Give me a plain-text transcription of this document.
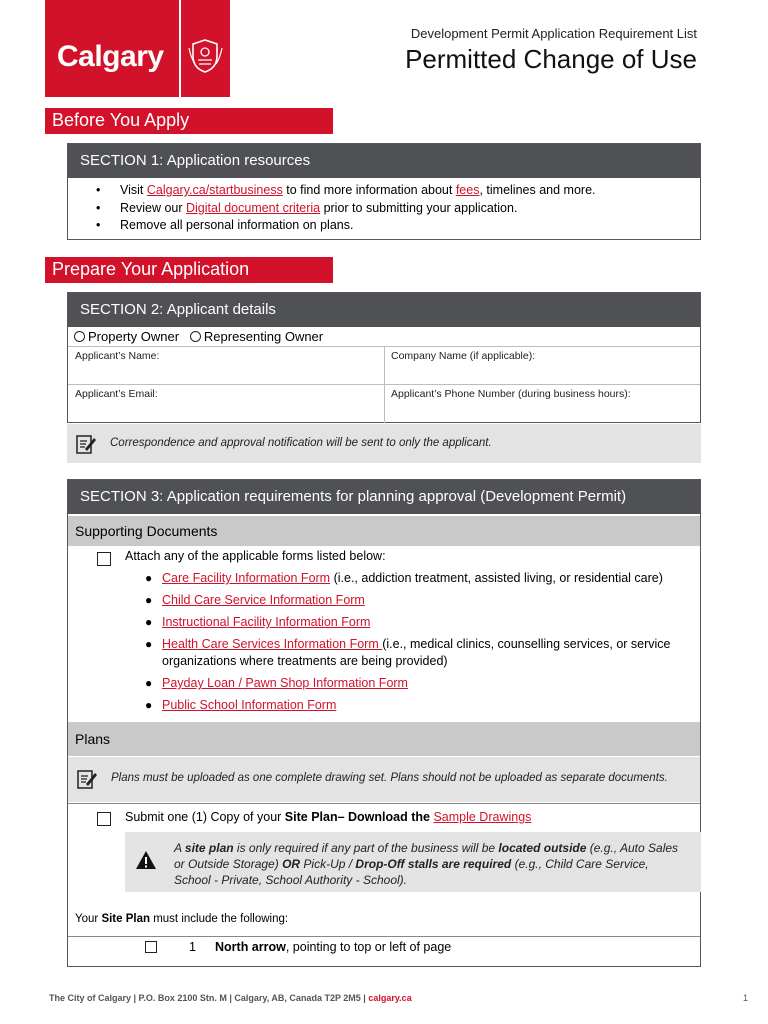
Calgary
Development Permit Application Requirement List
Permitted Change of Use
Before You Apply
SECTION 1: Application resources
• Visit Calgary.ca/startbusiness to find more information about fees, timelines and more.
• Review our Digital document criteria prior to submitting your application.
• Remove all personal information on plans.
Prepare Your Application
SECTION 2: Applicant details
Property Owner Representing Owner
Applicant’s Name:	Company Name (if applicable):
Applicant’s Email:	Applicant’s Phone Number (during business hours):
Correspondence and approval notification will be sent to only the applicant.
SECTION 3: Application requirements for planning approval (Development Permit)
Supporting Documents
Plans
Attach any of the applicable forms listed below:
● Care Facility Information Form (i.e., addiction treatment, assisted living, or residential care)
● Child Care Service Information Form
● Instructional Facility Information Form
● Health Care Services Information Form (i.e., medical clinics, counselling services, or service
organizations where treatments are being provided)
● Payday Loan / Pawn Shop Information Form
● Public School Information Form
Plans must be uploaded as one complete drawing set. Plans should not be uploaded as separate documents.
Submit one (1) Copy of your Site Plan– Download the Sample Drawings
A site plan is only required if any part of the business will be located outside (e.g., Auto Sales or Outside Storage) OR Pick-Up / Drop-Off stalls are required (e.g., Child Care Service, School - Private, School Authority - School).
Your Site Plan must include the following:
1 North arrow, pointing to top or left of page
The City of Calgary | P.O. Box 2100 Stn. M | Calgary, AB, Canada T2P 2M5 | calgary.ca	1
